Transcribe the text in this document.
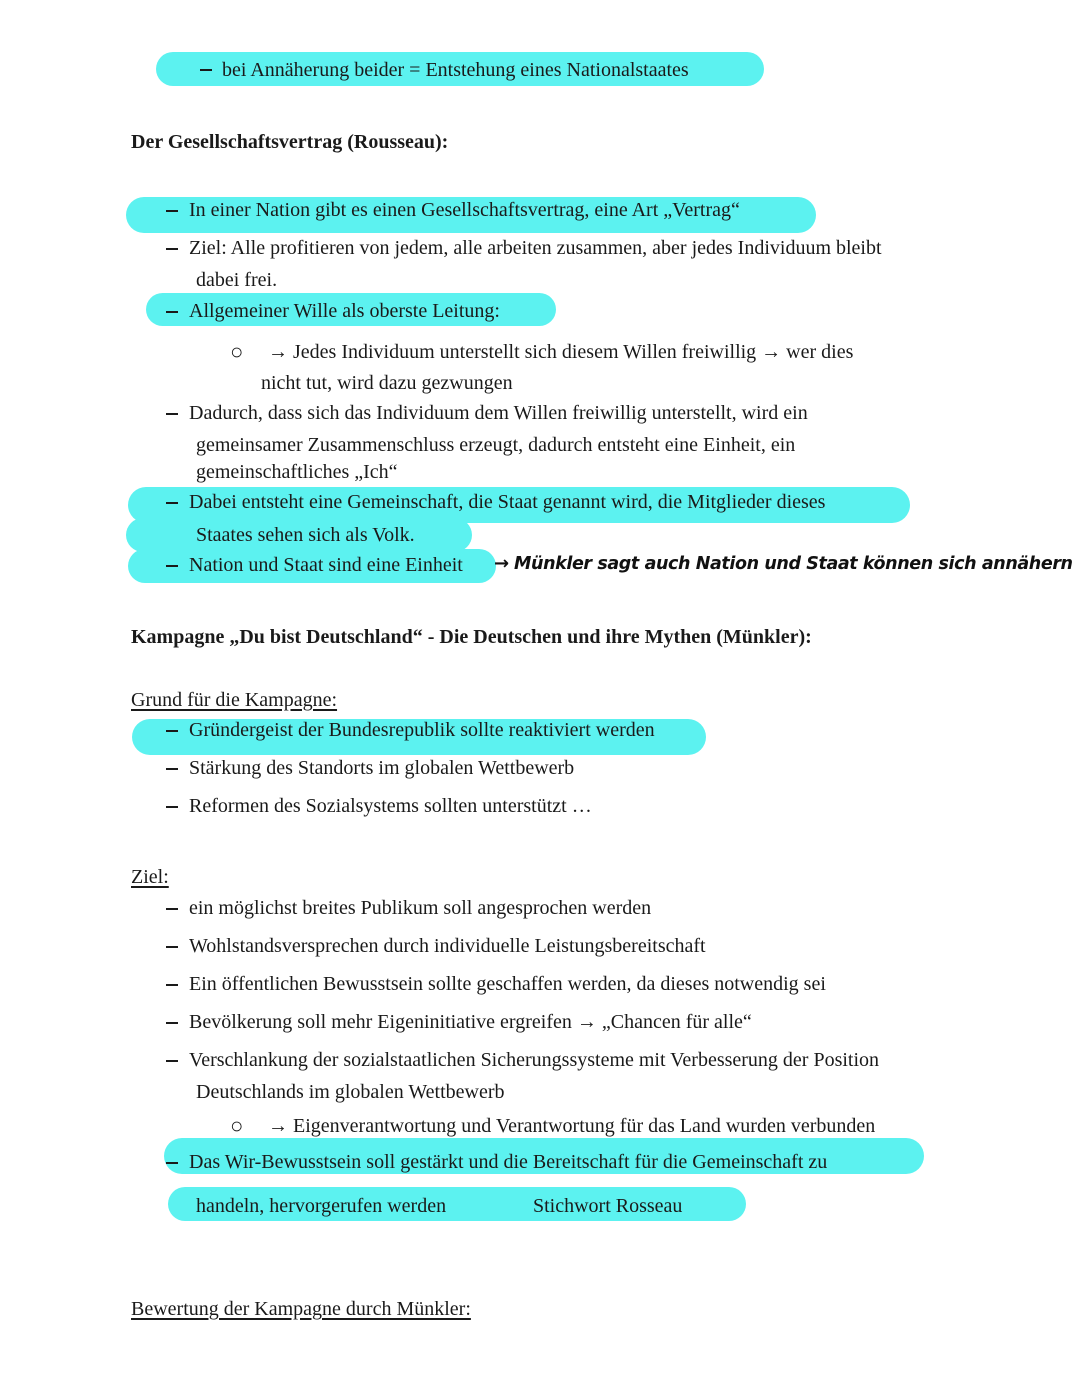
bei Annäherung beider = Entstehung eines Nationalstaates
Der Gesellschaftsvertrag (Rousseau):
In einer Nation gibt es einen Gesellschaftsvertrag, eine Art „Vertrag“
Ziel: Alle profitieren von jedem, alle arbeiten zusammen, aber jedes Individuum bleibt
dabei frei.
Allgemeiner Wille als oberste Leitung:
○ → Jedes Individuum unterstellt sich diesem Willen freiwillig → wer dies
nicht tut, wird dazu gezwungen
Dadurch, dass sich das Individuum dem Willen freiwillig unterstellt, wird ein
gemeinsamer Zusammenschluss erzeugt, dadurch entsteht eine Einheit, ein
gemeinschaftliches „Ich“
Dabei entsteht eine Gemeinschaft, die Staat genannt wird, die Mitglieder dieses
Staates sehen sich als Volk.
Nation und Staat sind eine Einheit → Münkler sagt auch Nation und Staat können sich annähern
Kampagne „Du bist Deutschland“ - Die Deutschen und ihre Mythen (Münkler):
Grund für die Kampagne:
Gründergeist der Bundesrepublik sollte reaktiviert werden
Stärkung des Standorts im globalen Wettbewerb
Reformen des Sozialsystems sollten unterstützt …
Ziel:
ein möglichst breites Publikum soll angesprochen werden
Wohlstandsversprechen durch individuelle Leistungsbereitschaft
Ein öffentlichen Bewusstsein sollte geschaffen werden, da dieses notwendig sei
Bevölkerung soll mehr Eigeninitiative ergreifen → „Chancen für alle“
Verschlankung der sozialstaatlichen Sicherungssysteme mit Verbesserung der Position
Deutschlands im globalen Wettbewerb
○ → Eigenverantwortung und Verantwortung für das Land wurden verbunden
Das Wir-Bewusstsein soll gestärkt und die Bereitschaft für die Gemeinschaft zu
handeln, hervorgerufen werden	Stichwort Rosseau
Bewertung der Kampagne durch Münkler:
